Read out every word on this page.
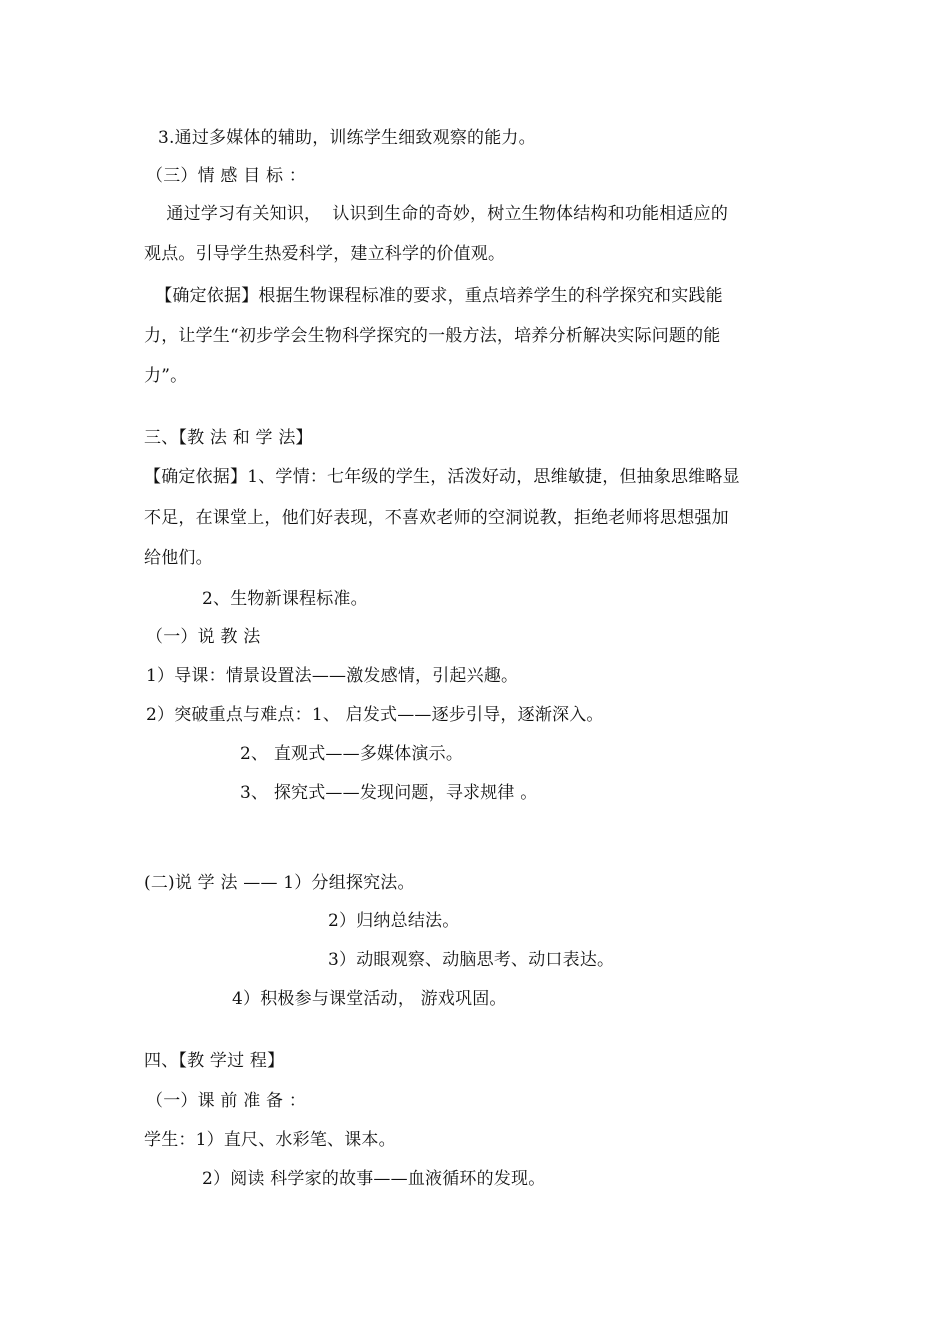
3.通过多媒体的辅助，训练学生细致观察的能力。
（三）情 感 目 标 ：
通过学习有关知识，  认识到生命的奇妙，树立生物体结构和功能相适应的
观点。引导学生热爱科学，建立科学的价值观。
【确定依据】根据生物课程标准的要求，重点培养学生的科学探究和实践能
力，让学生“初步学会生物科学探究的一般方法，培养分析解决实际问题的能
力”。
三、【教 法 和 学 法】
【确定依据】1、学情：七年级的学生，活泼好动，思维敏捷，但抽象思维略显
不足，在课堂上，他们好表现，不喜欢老师的空洞说教，拒绝老师将思想强加
给他们。
2、生物新课程标准。
（一）说 教 法
1）导课：情景设置法——激发感情，引起兴趣。
2）突破重点与难点：1、 启发式——逐步引导，逐渐深入。
2、 直观式——多媒体演示。
3、 探究式——发现问题，寻求规律 。
(二)说 学 法 —— 1）分组探究法。
2）归纳总结法。
3）动眼观察、动脑思考、动口表达。
4）积极参与课堂活动， 游戏巩固。
四、【教 学过 程】
（一）课 前 准 备 ：
学生：1）直尺、水彩笔、课本。
2）阅读 科学家的故事——血液循环的发现。
